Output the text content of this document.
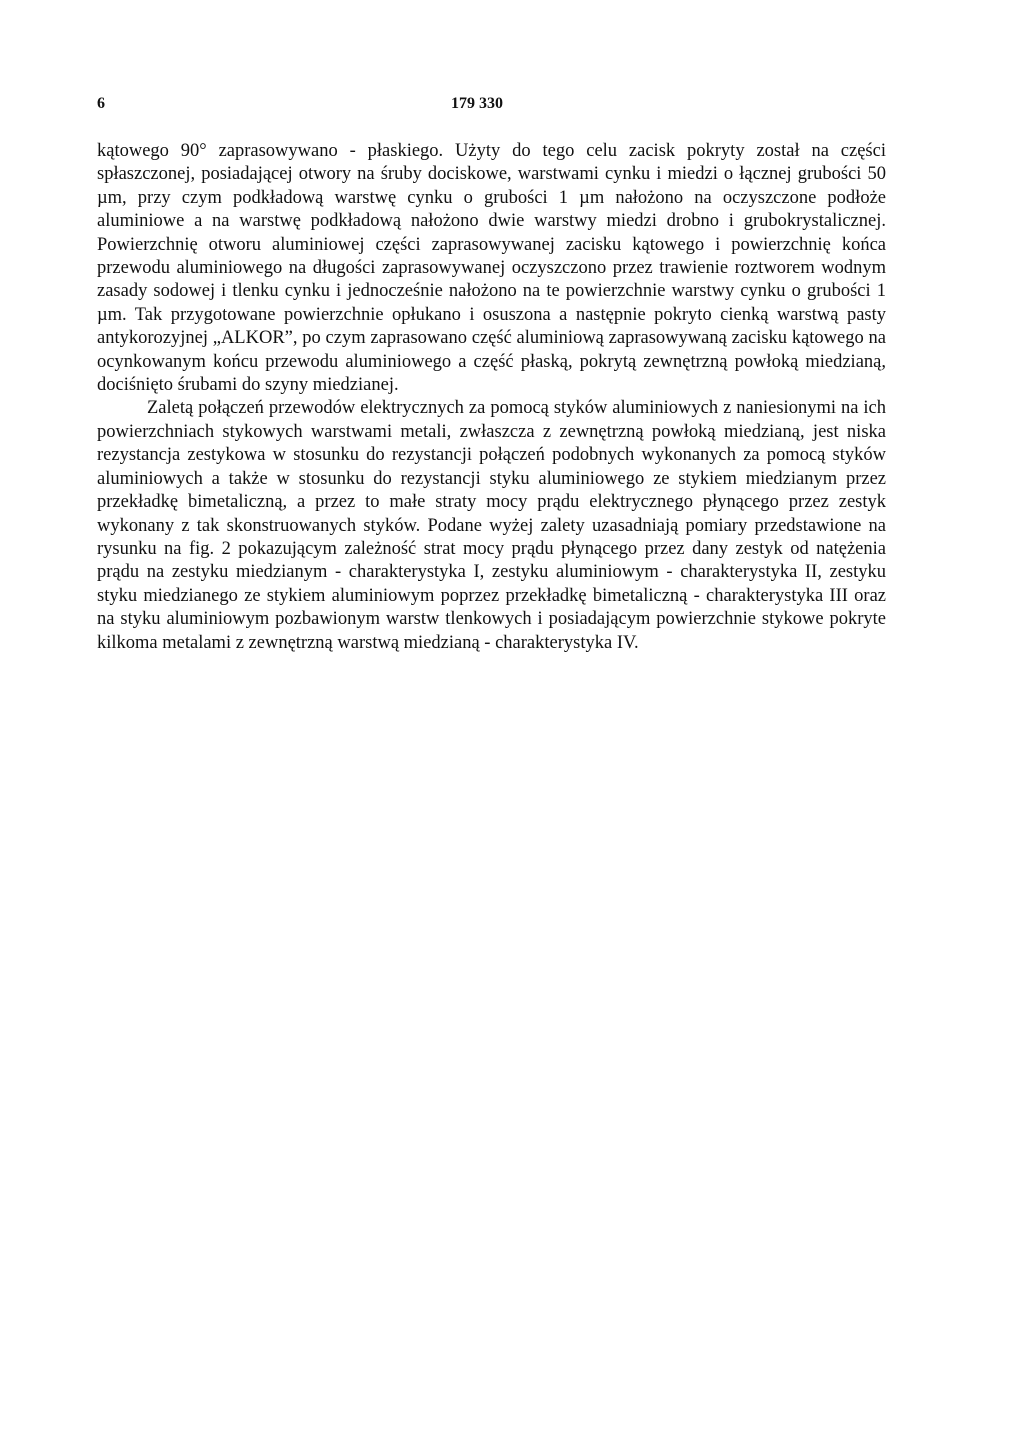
6	179 330

kątowego 90° zaprasowywano - płaskiego. Użyty do tego celu zacisk pokryty został na części spłaszczonej, posiadającej otwory na śruby dociskowe, warstwami cynku i miedzi o łącznej grubości 50 µm, przy czym podkładową warstwę cynku o grubości 1 µm nałożono na oczyszczone podłoże aluminiowe a na warstwę podkładową nałożono dwie warstwy miedzi drobno i grubokrystalicznej. Powierzchnię otworu aluminiowej części zaprasowywanej zacisku kątowego i powierzchnię końca przewodu aluminiowego na długości zaprasowywanej oczyszczono przez trawienie roztworem wodnym zasady sodowej i tlenku cynku i jednocześnie nałożono na te powierzchnie warstwy cynku o grubości 1 µm. Tak przygotowane powierzchnie opłukano i osuszona a następnie pokryto cienką warstwą pasty antykorozyjnej „ALKOR”, po czym zaprasowano część aluminiową zaprasowywaną zacisku kątowego na ocynkowanym końcu przewodu aluminiowego a część płaską, pokrytą zewnętrzną powłoką miedzianą, dociśnięto śrubami do szyny miedzianej.

Zaletą połączeń przewodów elektrycznych za pomocą styków aluminiowych z naniesionymi na ich powierzchniach stykowych warstwami metali, zwłaszcza z zewnętrzną powłoką miedzianą, jest niska rezystancja zestykowa w stosunku do rezystancji połączeń podobnych wykonanych za pomocą styków aluminiowych a także w stosunku do rezystancji styku aluminiowego ze stykiem miedzianym przez przekładkę bimetaliczną, a przez to małe straty mocy prądu elektrycznego płynącego przez zestyk wykonany z tak skonstruowanych styków. Podane wyżej zalety uzasadniają pomiary przedstawione na rysunku na fig. 2 pokazującym zależność strat mocy prądu płynącego przez dany zestyk od natężenia prądu na zestyku miedzianym - charakterystyka I, zestyku aluminiowym - charakterystyka II, zestyku styku miedzianego ze stykiem aluminiowym poprzez przekładkę bimetaliczną - charakterystyka III oraz na styku aluminiowym pozbawionym warstw tlenkowych i posiadającym powierzchnie stykowe pokryte kilkoma metalami z zewnętrzną warstwą miedzianą - charakterystyka IV.
